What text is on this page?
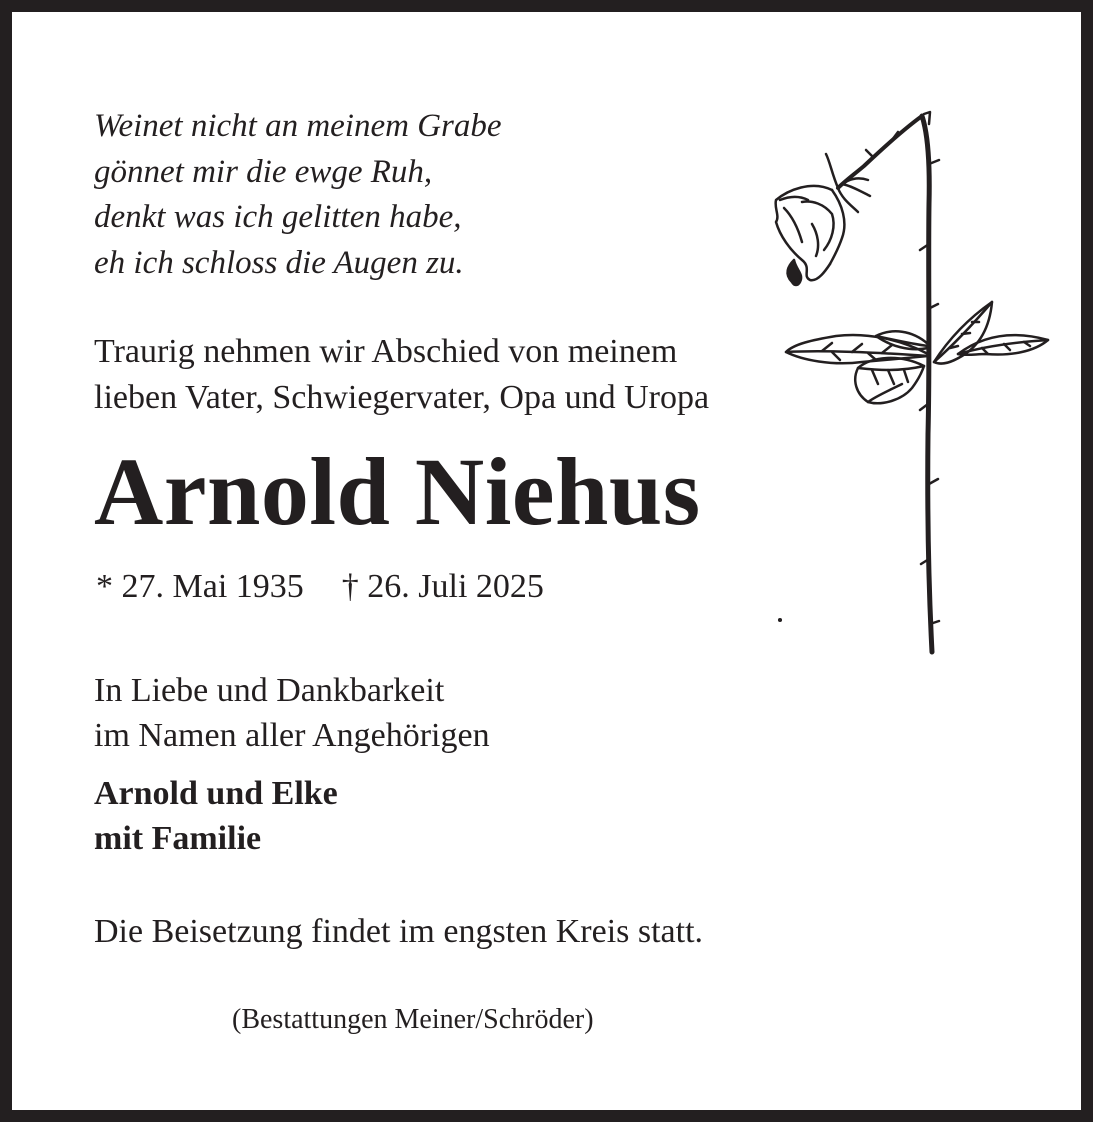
Weinet nicht an meinem Grabe
gönnet mir die ewge Ruh,
denkt was ich gelitten habe,
eh ich schloss die Augen zu.
Traurig nehmen wir Abschied von meinem
lieben Vater, Schwiegervater, Opa und Uropa
Arnold Niehus
* 27. Mai 1935 † 26. Juli 2025
In Liebe und Dankbarkeit
im Namen aller Angehörigen
Arnold und Elke
mit Familie
Die Beisetzung findet im engsten Kreis statt.
(Bestattungen Meiner/Schröder)
